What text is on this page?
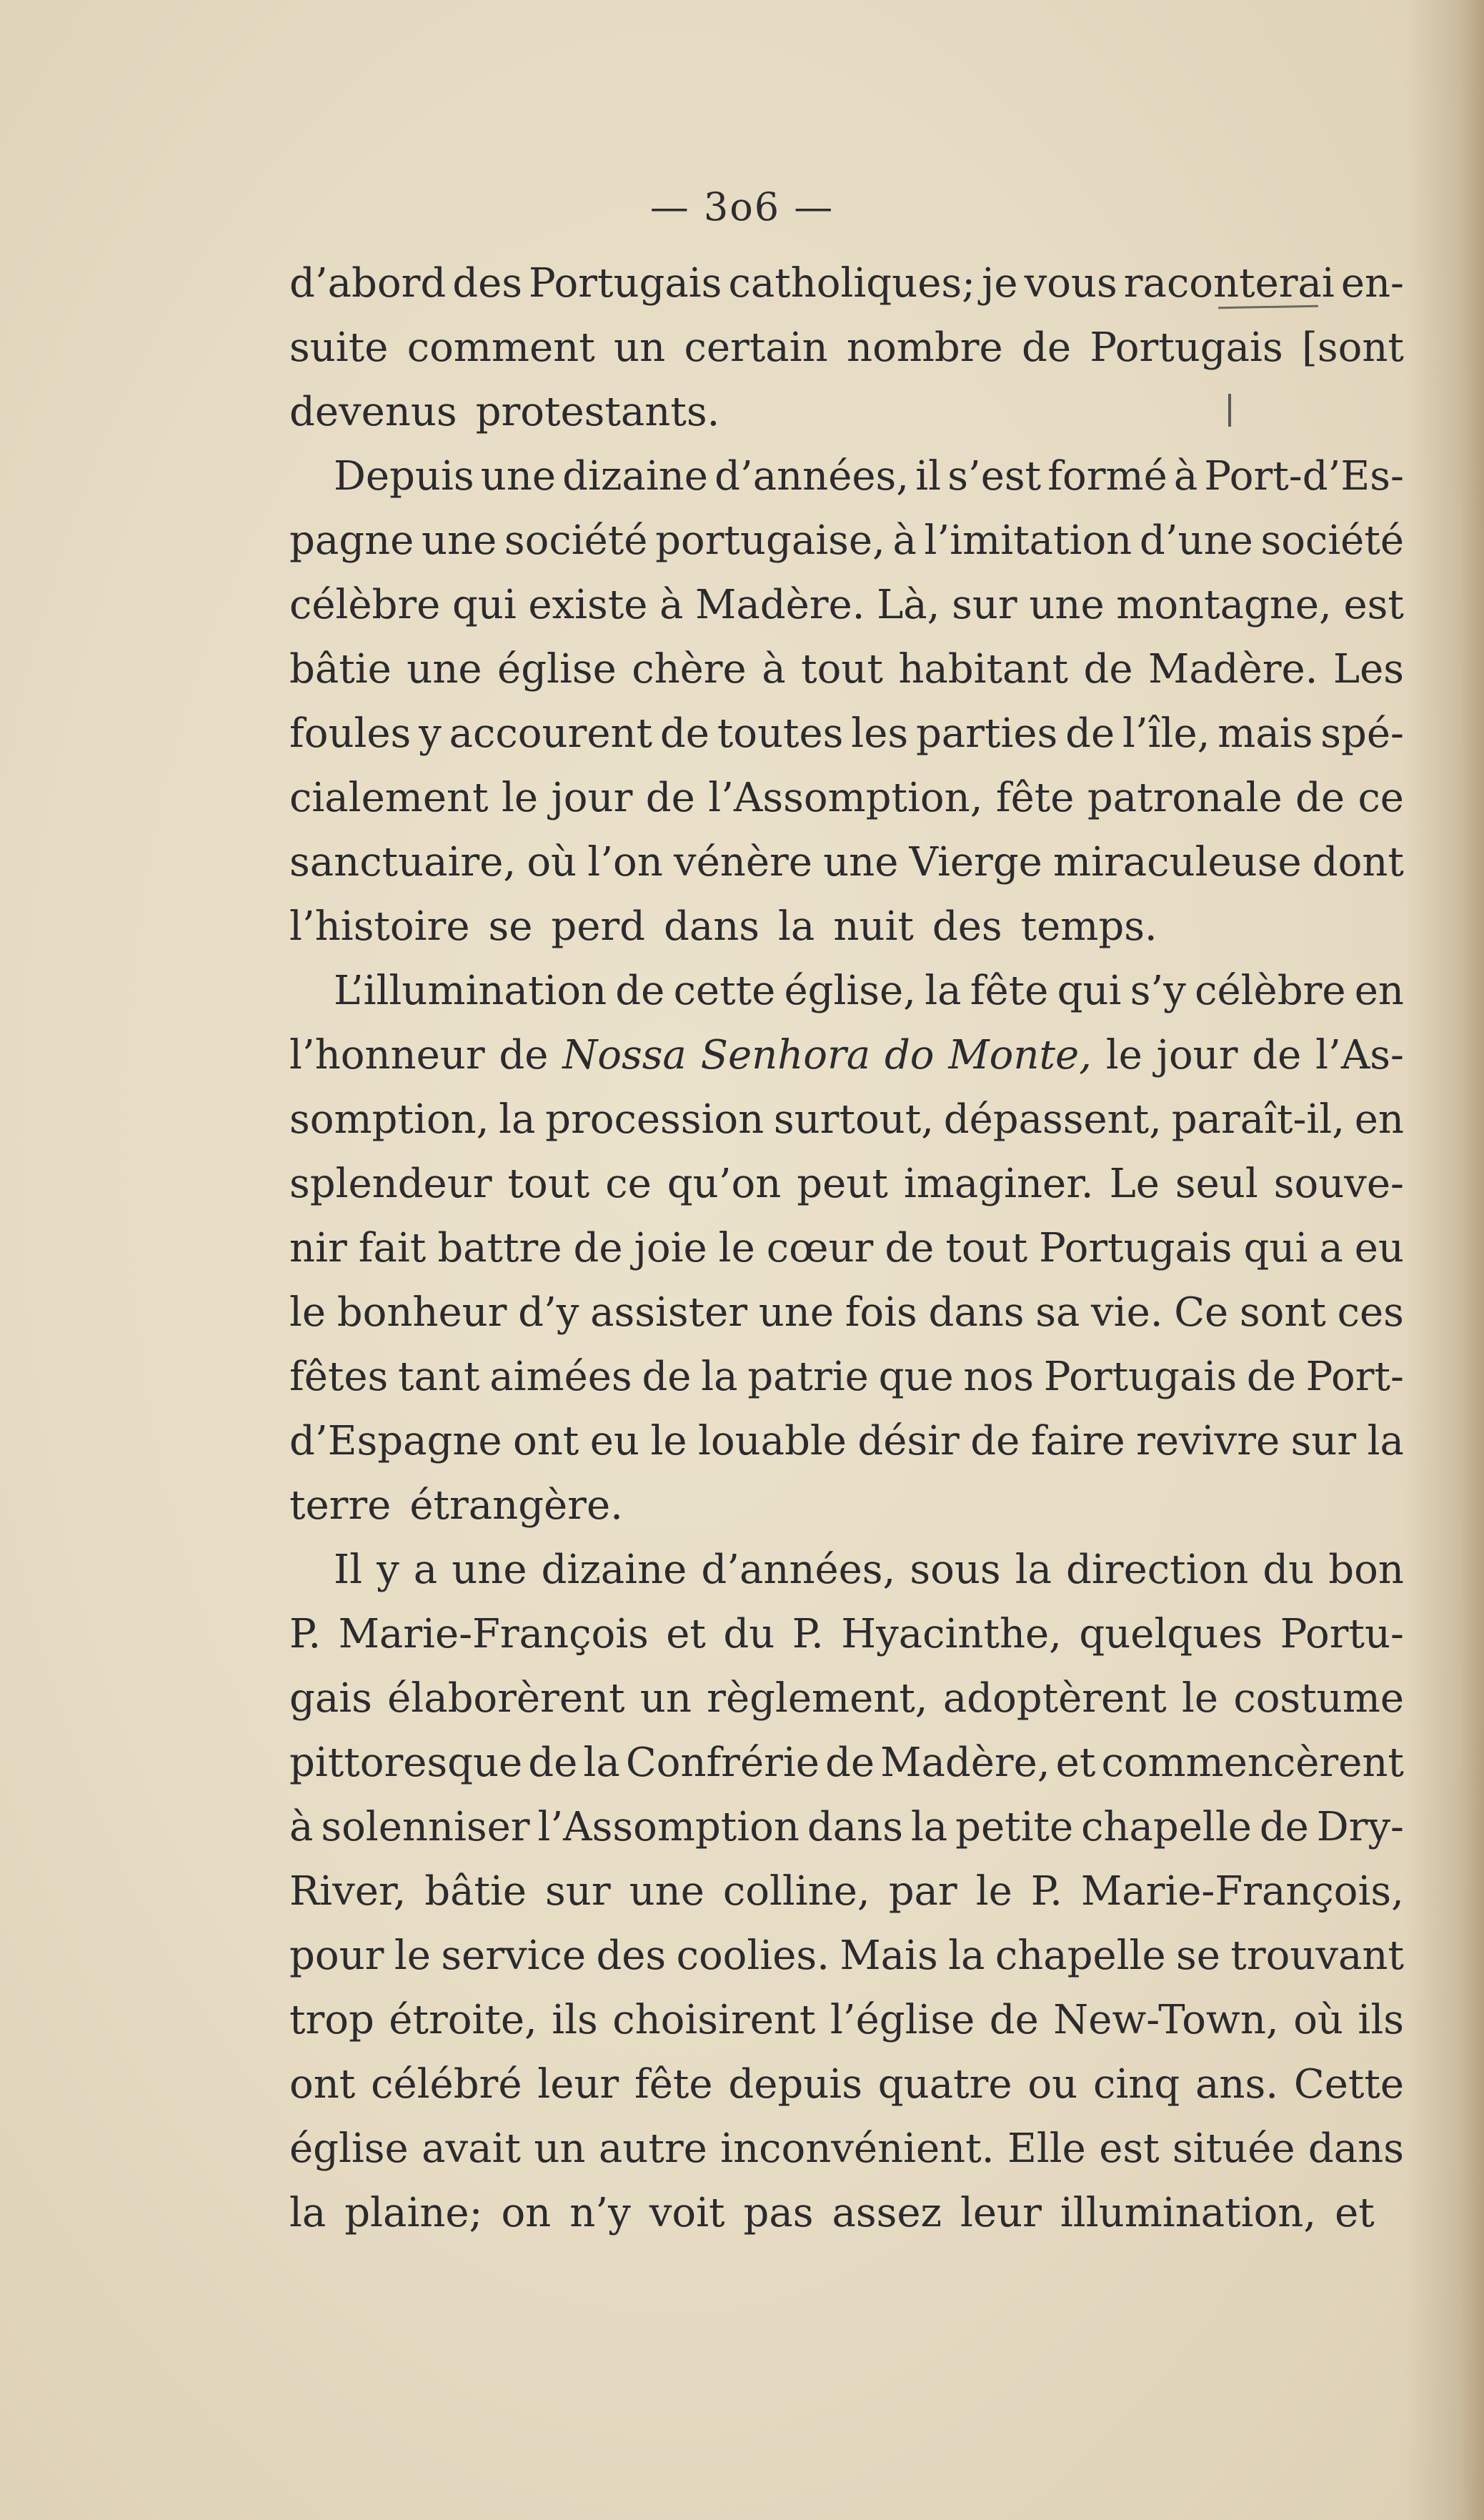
— 3o6 —
d’abord des Portugais catholiques; je vous raconterai en-
suite comment un certain nombre de Portugais [sont
devenus protestants.
Depuis une dizaine d’années, il s’est formé à Port-d’Es-
pagne une société portugaise, à l’imitation d’une société
célèbre qui existe à Madère. Là, sur une montagne, est
bâtie une église chère à tout habitant de Madère. Les
foules y accourent de toutes les parties de l’île, mais spé-
cialement le jour de l’Assomption, fête patronale de ce
sanctuaire, où l’on vénère une Vierge miraculeuse dont
l’histoire se perd dans la nuit des temps.
L’illumination de cette église, la fête qui s’y célèbre en
l’honneur de Nossa Senhora do Monte, le jour de l’As-
somption, la procession surtout, dépassent, paraît-il, en
splendeur tout ce qu’on peut imaginer. Le seul souve-
nir fait battre de joie le cœur de tout Portugais qui a eu
le bonheur d’y assister une fois dans sa vie. Ce sont ces
fêtes tant aimées de la patrie que nos Portugais de Port-
d’Espagne ont eu le louable désir de faire revivre sur la
terre étrangère.
Il y a une dizaine d’années, sous la direction du bon
P. Marie-François et du P. Hyacinthe, quelques Portu-
gais élaborèrent un règlement, adoptèrent le costume
pittoresque de la Confrérie de Madère, et commencèrent
à solenniser l’Assomption dans la petite chapelle de Dry-
River, bâtie sur une colline, par le P. Marie-François,
pour le service des coolies. Mais la chapelle se trouvant
trop étroite, ils choisirent l’église de New-Town, où ils
ont célébré leur fête depuis quatre ou cinq ans. Cette
église avait un autre inconvénient. Elle est située dans
la plaine; on n’y voit pas assez leur illumination, et
